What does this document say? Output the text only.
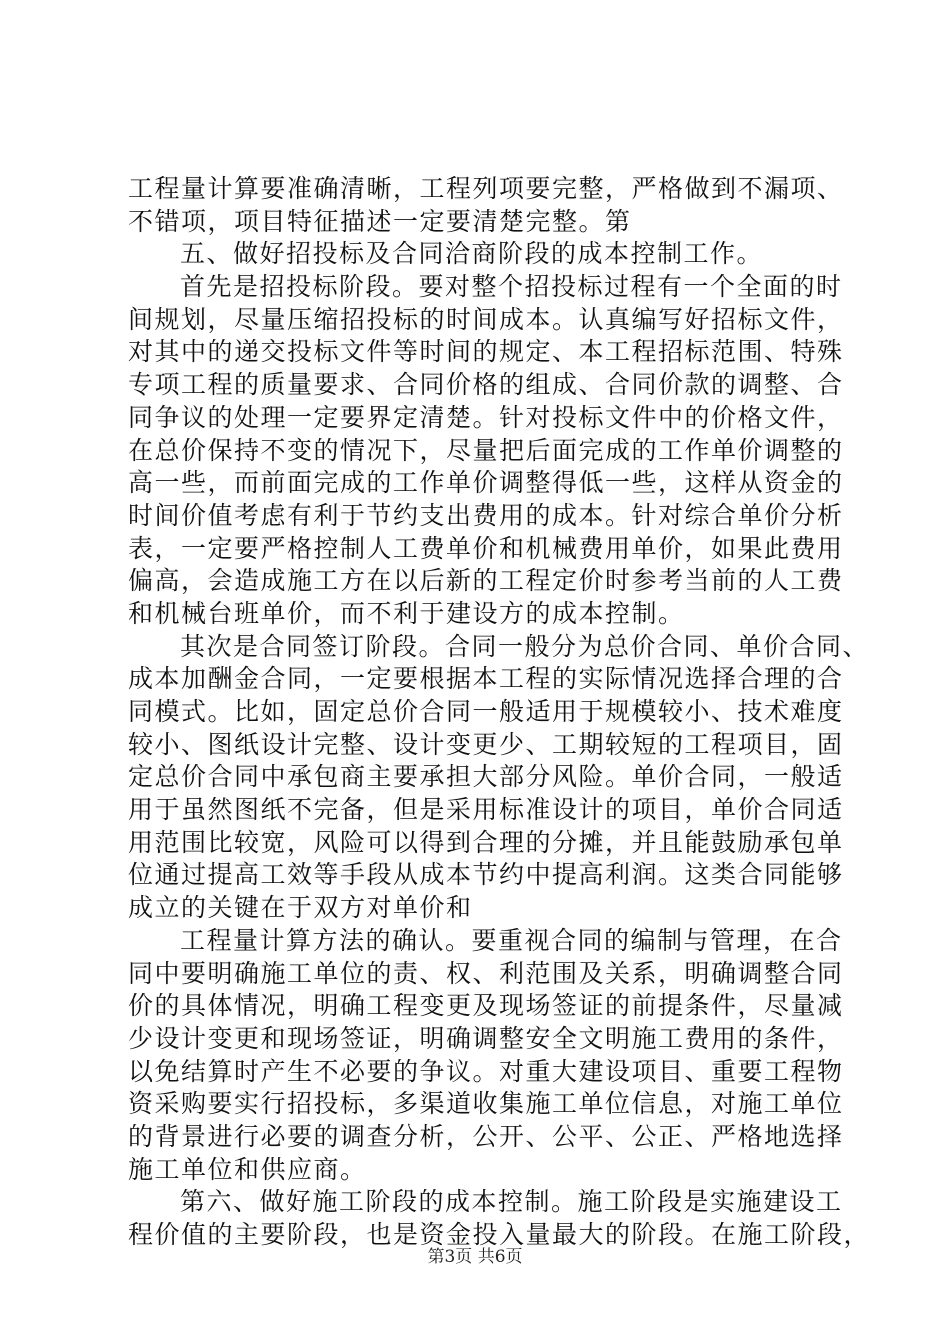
工程量计算要准确清晰，工程列项要完整，严格做到不漏项、
不错项，项目特征描述一定要清楚完整。第
五、做好招投标及合同洽商阶段的成本控制工作。
首先是招投标阶段。要对整个招投标过程有一个全面的时
间规划，尽量压缩招投标的时间成本。认真编写好招标文件，
对其中的递交投标文件等时间的规定、本工程招标范围、特殊
专项工程的质量要求、合同价格的组成、合同价款的调整、合
同争议的处理一定要界定清楚。针对投标文件中的价格文件，
在总价保持不变的情况下，尽量把后面完成的工作单价调整的
高一些，而前面完成的工作单价调整得低一些，这样从资金的
时间价值考虑有利于节约支出费用的成本。针对综合单价分析
表，一定要严格控制人工费单价和机械费用单价，如果此费用
偏高，会造成施工方在以后新的工程定价时参考当前的人工费
和机械台班单价，而不利于建设方的成本控制。
其次是合同签订阶段。合同一般分为总价合同、单价合同、
成本加酬金合同，一定要根据本工程的实际情况选择合理的合
同模式。比如，固定总价合同一般适用于规模较小、技术难度
较小、图纸设计完整、设计变更少、工期较短的工程项目，固
定总价合同中承包商主要承担大部分风险。单价合同，一般适
用于虽然图纸不完备，但是采用标准设计的项目，单价合同适
用范围比较宽，风险可以得到合理的分摊，并且能鼓励承包单
位通过提高工效等手段从成本节约中提高利润。这类合同能够
成立的关键在于双方对单价和
工程量计算方法的确认。要重视合同的编制与管理，在合
同中要明确施工单位的责、权、利范围及关系，明确调整合同
价的具体情况，明确工程变更及现场签证的前提条件，尽量减
少设计变更和现场签证，明确调整安全文明施工费用的条件，
以免结算时产生不必要的争议。对重大建设项目、重要工程物
资采购要实行招投标，多渠道收集施工单位信息，对施工单位
的背景进行必要的调查分析，公开、公平、公正、严格地选择
施工单位和供应商。
第六、做好施工阶段的成本控制。施工阶段是实施建设工
程价值的主要阶段，也是资金投入量最大的阶段。在施工阶段，
第3页 共6页
